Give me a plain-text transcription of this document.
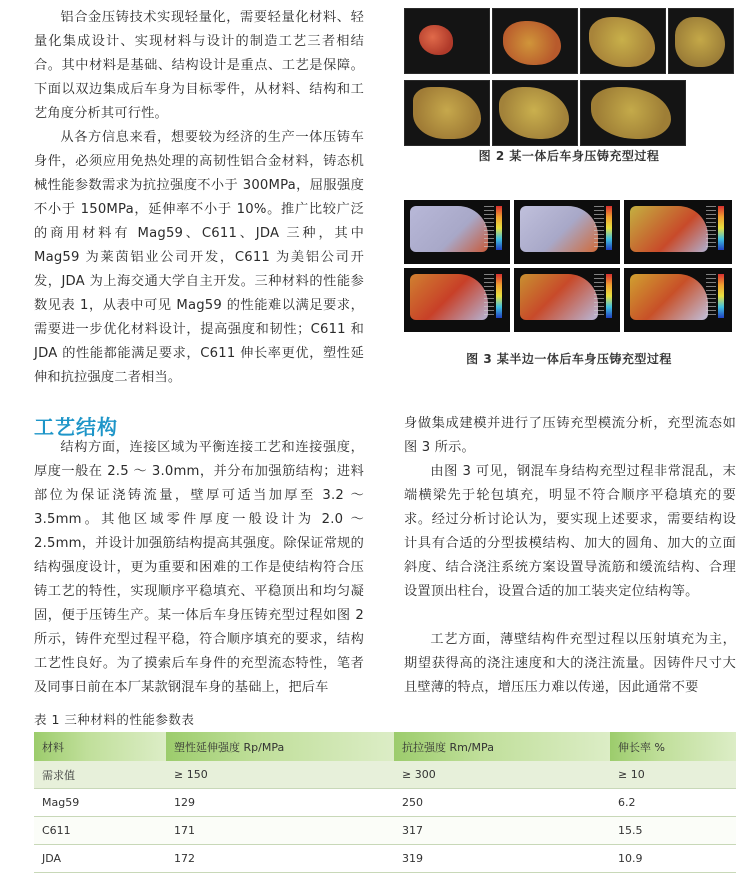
铝合金压铸技术实现轻量化，需要轻量化材料、轻量化集成设计、实现材料与设计的制造工艺三者相结合。其中材料是基础、结构设计是重点、工艺是保障。下面以双边集成后车身为目标零件，从材料、结构和工艺角度分析其可行性。

从各方信息来看，想要较为经济的生产一体压铸车身件，必须应用免热处理的高韧性铝合金材料，铸态机械性能参数需求为抗拉强度不小于 300MPa，屈服强度不小于 150MPa，延伸率不小于 10%。推广比较广泛的商用材料有 Mag59、C611、JDA 三种，其中 Mag59 为莱茵铝业公司开发，C611 为美铝公司开发，JDA 为上海交通大学自主开发。三种材料的性能参数见表 1，从表中可见 Mag59 的性能难以满足要求，需要进一步优化材料设计，提高强度和韧性；C611 和 JDA 的性能都能满足要求，C611 伸长率更优，塑性延伸和抗拉强度二者相当。

工艺结构

结构方面，连接区域为平衡连接工艺和连接强度，厚度一般在 2.5 ～ 3.0mm，并分布加强筋结构；进料部位为保证浇铸流量，壁厚可适当加厚至 3.2 ～ 3.5mm。其他区域零件厚度一般设计为 2.0 ～ 2.5mm，并设计加强筋结构提高其强度。除保证常规的结构强度设计，更为重要和困难的工作是使结构符合压铸工艺的特性，实现顺序平稳填充、平稳顶出和均匀凝固，便于压铸生产。某一体后车身压铸充型过程如图 2 所示，铸件充型过程平稳，符合顺序填充的要求，结构工艺性良好。为了摸索后车身件的充型流态特性，笔者及同事日前在本厂某款钢混车身的基础上，把后车

图 2 某一体后车身压铸充型过程
图 3 某半边一体后车身压铸充型过程

身做集成建模并进行了压铸充型模流分析，充型流态如图 3 所示。

由图 3 可见，钢混车身结构充型过程非常混乱，末端横梁先于轮包填充，明显不符合顺序平稳填充的要求。经过分析讨论认为，要实现上述要求，需要结构设计具有合适的分型拔模结构、加大的圆角、加大的立面斜度、结合浇注系统方案设置导流筋和缓流结构、合理设置顶出柱台，设置合适的加工装夹定位结构等。

工艺方面，薄壁结构件充型过程以压射填充为主，期望获得高的浇注速度和大的浇注流量。因铸件尺寸大且壁薄的特点，增压压力难以传递，因此通常不要

表 1 三种材料的性能参数表
材料	塑性延伸强度 Rp/MPa	抗拉强度 Rm/MPa	伸长率 %
需求值	≥ 150	≥ 300	≥ 10
Mag59	129	250	6.2
C611	171	317	15.5
JDA	172	319	10.9
